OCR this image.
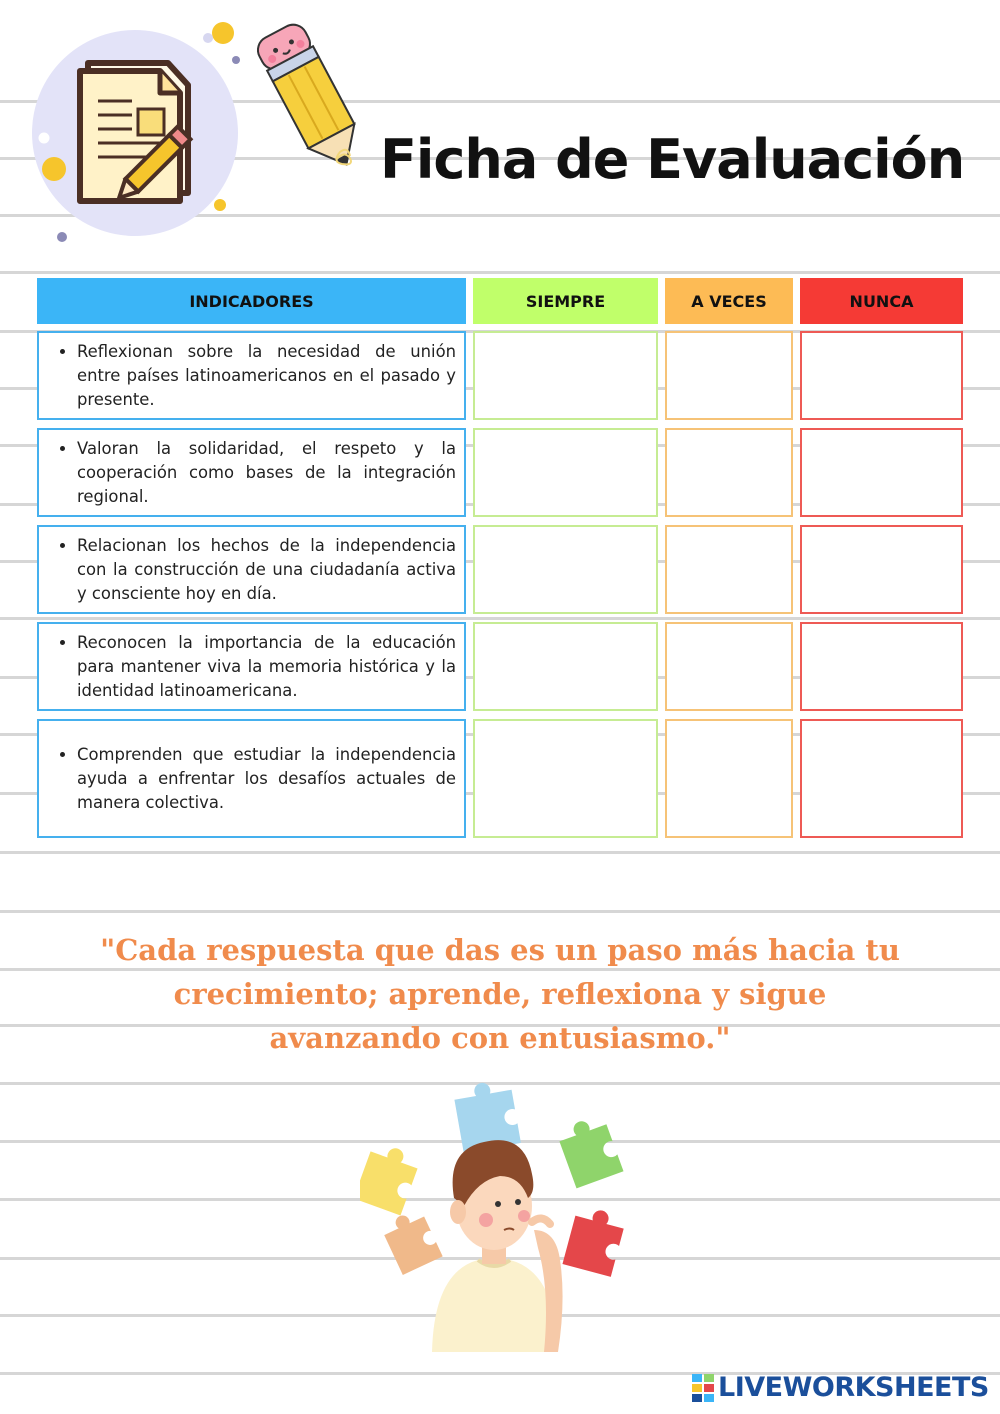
Ficha de Evaluación
INDICADORES	SIEMPRE	A VECES	NUNCA
• Reflexionan sobre la necesidad de unión entre países latinoamericanos en el pasado y presente.
• Valoran la solidaridad, el respeto y la cooperación como bases de la integración regional.
• Relacionan los hechos de la independencia con la construcción de una ciudadanía activa y consciente hoy en día.
• Reconocen la importancia de la educación para mantener viva la memoria histórica y la identidad latinoamericana.
• Comprenden que estudiar la independencia ayuda a enfrentar los desafíos actuales de manera colectiva.
"Cada respuesta que das es un paso más hacia tu crecimiento; aprende, reflexiona y sigue avanzando con entusiasmo."
LIVEWORKSHEETS
